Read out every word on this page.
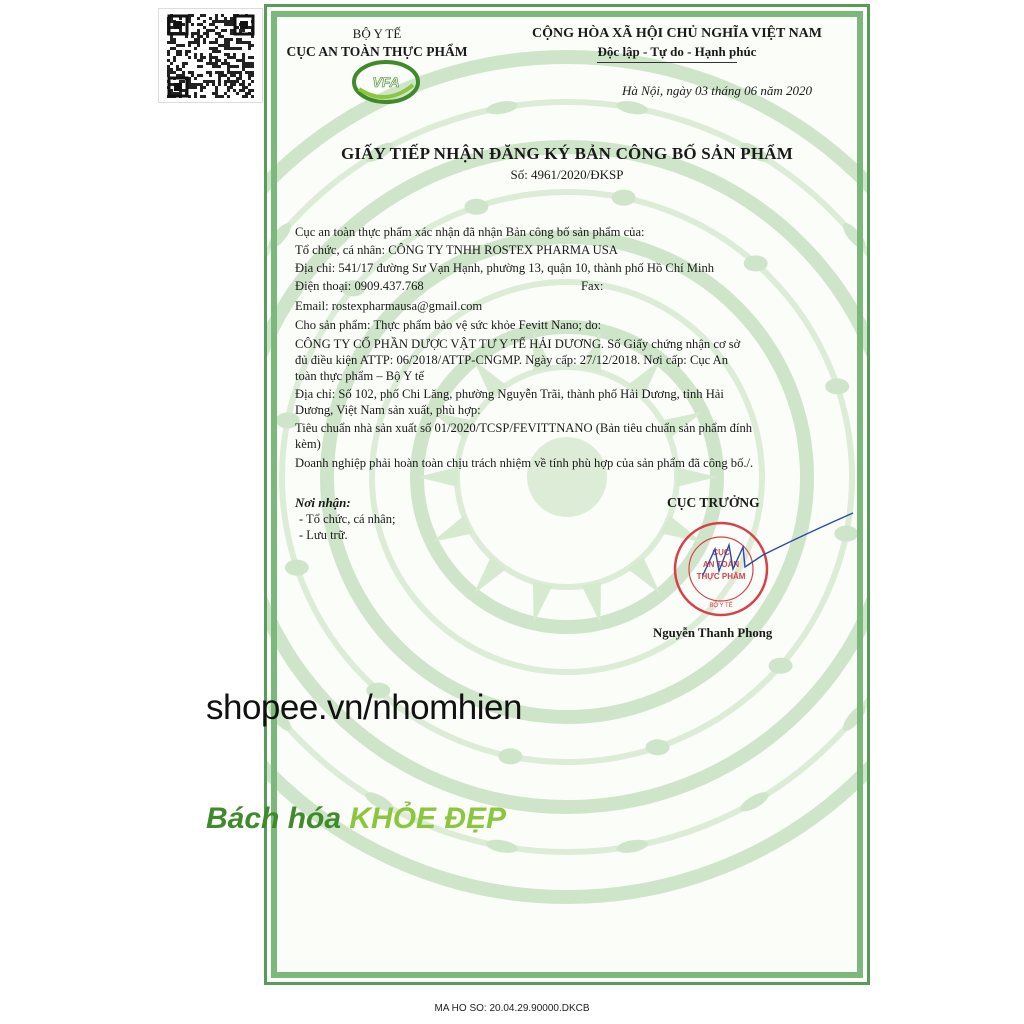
BỘ Y TẾ
CỤC AN TOÀN THỰC PHẨM
VFA
CỘNG HÒA XÃ HỘI CHỦ NGHĨA VIỆT NAM
Độc lập - Tự do - Hạnh phúc
Hà Nội, ngày 03 tháng 06 năm 2020
GIẤY TIẾP NHẬN ĐĂNG KÝ BẢN CÔNG BỐ SẢN PHẨM
Số: 4961/2020/ĐKSP
Cục an toàn thực phẩm xác nhận đã nhận Bản công bố sản phẩm của:
Tổ chức, cá nhân: CÔNG TY TNHH ROSTEX PHARMA USA
Địa chỉ: 541/17 đường Sư Vạn Hạnh, phường 13, quận 10, thành phố Hồ Chí Minh
Điện thoại: 0909.437.768	Fax:
Email: rostexpharmausa@gmail.com
Cho sản phẩm: Thực phẩm bảo vệ sức khỏe Fevitt Nano; do:
CÔNG TY CỔ PHẦN DƯỢC VẬT TƯ Y TẾ HẢI DƯƠNG. Số Giấy chứng nhận cơ sở
đủ điều kiện ATTP: 06/2018/ATTP-CNGMP. Ngày cấp: 27/12/2018. Nơi cấp: Cục An
toàn thực phẩm – Bộ Y tế
Địa chỉ: Số 102, phố Chi Lăng, phường Nguyễn Trãi, thành phố Hải Dương, tỉnh Hải
Dương, Việt Nam sản xuất, phù hợp:
Tiêu chuẩn nhà sản xuất số 01/2020/TCSP/FEVITTNANO (Bản tiêu chuẩn sản phẩm đính
kèm)
Doanh nghiệp phải hoàn toàn chịu trách nhiệm về tính phù hợp của sản phẩm đã công bố./.
Nơi nhận:
- Tổ chức, cá nhân;
- Lưu trữ.
CỤC TRƯỞNG
CỤC
AN TOÀN
THỰC PHẨM
BỘ Y TẾ
Nguyễn Thanh Phong
shopee.vn/nhomhien
Bách hóa KHỎE ĐẸP
MA HO SO: 20.04.29.90000.DKCB
